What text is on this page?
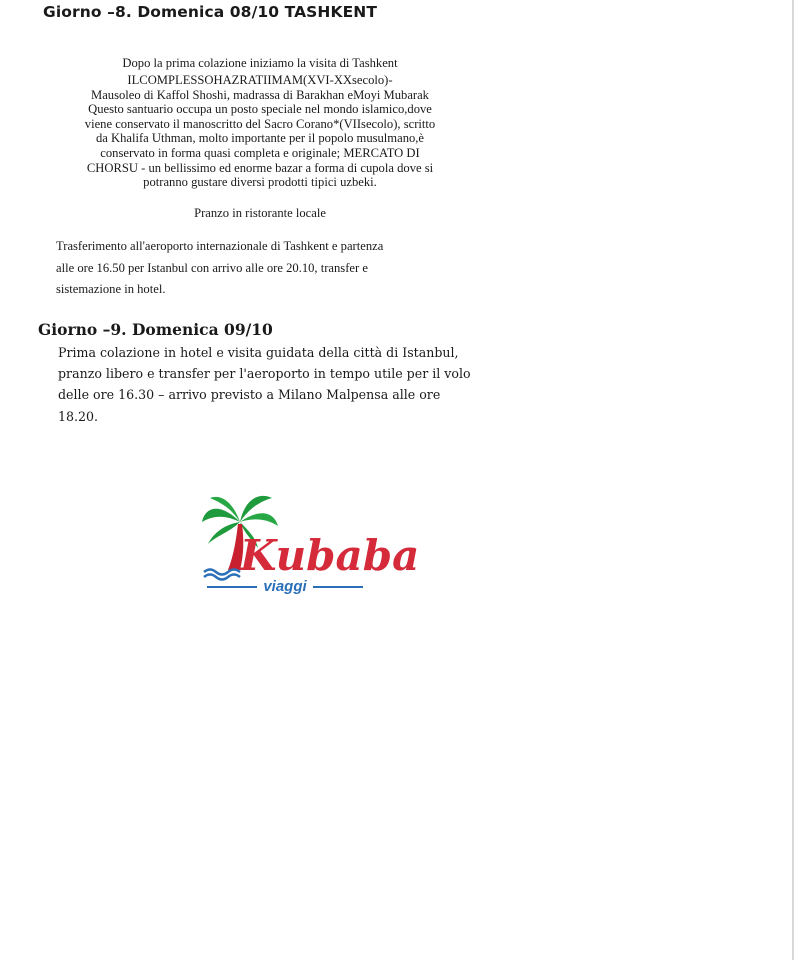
Giorno –8. Domenica 08/10 TASHKENT
Dopo la prima colazione iniziamo la visita di Tashkent

ILCOMPLESSOHAZRATIIMAM(XVI-XXsecolo)-

Mausoleo di Kaffol Shoshi, madrassa di Barakhan eMoyi Mubarak

Questo santuario occupa un posto speciale nel mondo islamico,dove

viene conservato il manoscritto del Sacro Corano*(VIIsecolo), scritto

da Khalifa Uthman, molto importante per il popolo musulmano,è

conservato in forma quasi completa e originale; MERCATO DI

CHORSU - un bellissimo ed enorme bazar a forma di cupola dove si

potranno gustare diversi prodotti tipici uzbeki.

Pranzo in ristorante locale
Trasferimento all'aeroporto internazionale di Tashkent e partenza
alle ore 16.50 per Istanbul con arrivo alle ore 20.10, transfer e
sistemazione in hotel.
Giorno –9. Domenica 09/10
Prima colazione in hotel e visita guidata della città di Istanbul,
pranzo libero e transfer per l'aeroporto in tempo utile per il volo
delle ore 16.30 – arrivo previsto a Milano Malpensa alle ore
18.20.
Kubaba
viaggi
